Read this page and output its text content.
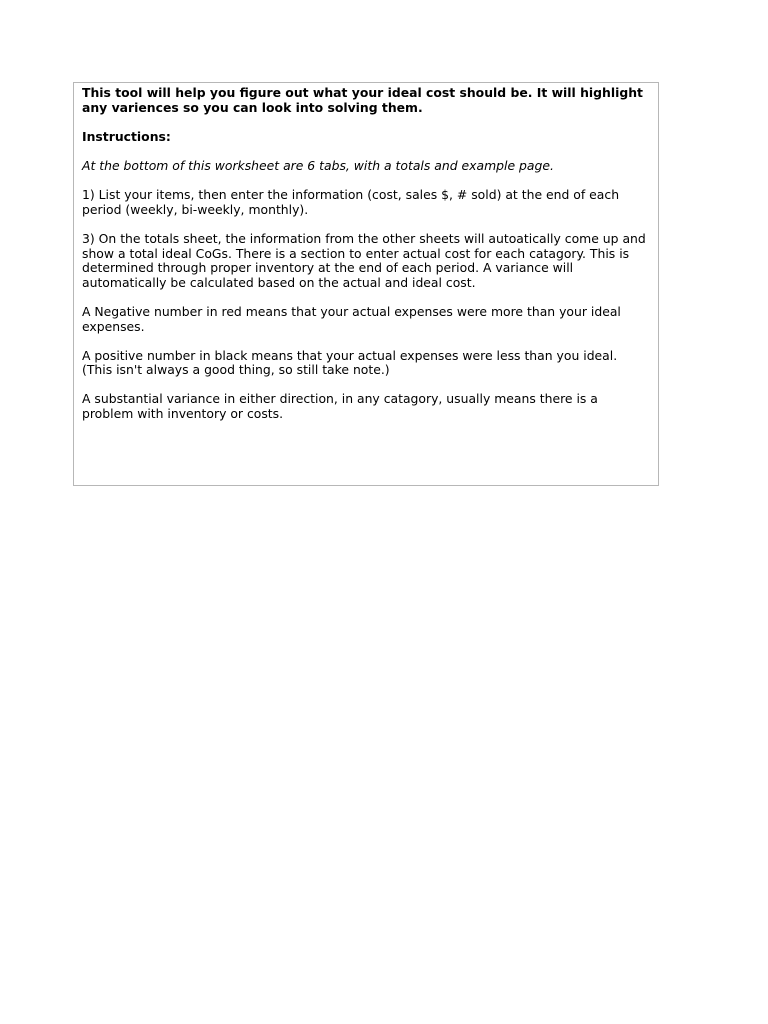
This tool will help you figure out what your ideal cost should be. It will highlight any variences so you can look into solving them.

Instructions:

At the bottom of this worksheet are 6 tabs, with a totals and example page.

1) List your items, then enter the information (cost, sales $, # sold) at the end of each period (weekly, bi-weekly, monthly).

3) On the totals sheet, the information from the other sheets will autoatically come up and show a total ideal CoGs. There is a section to enter actual cost for each catagory. This is determined through proper inventory at the end of each period. A variance will automatically be calculated based on the actual and ideal cost.

A Negative number in red means that your actual expenses were more than your ideal expenses.

A positive number in black means that your actual expenses were less than you ideal. (This isn't always a good thing, so still take note.)

A substantial variance in either direction, in any catagory, usually means there is a problem with inventory or costs.
